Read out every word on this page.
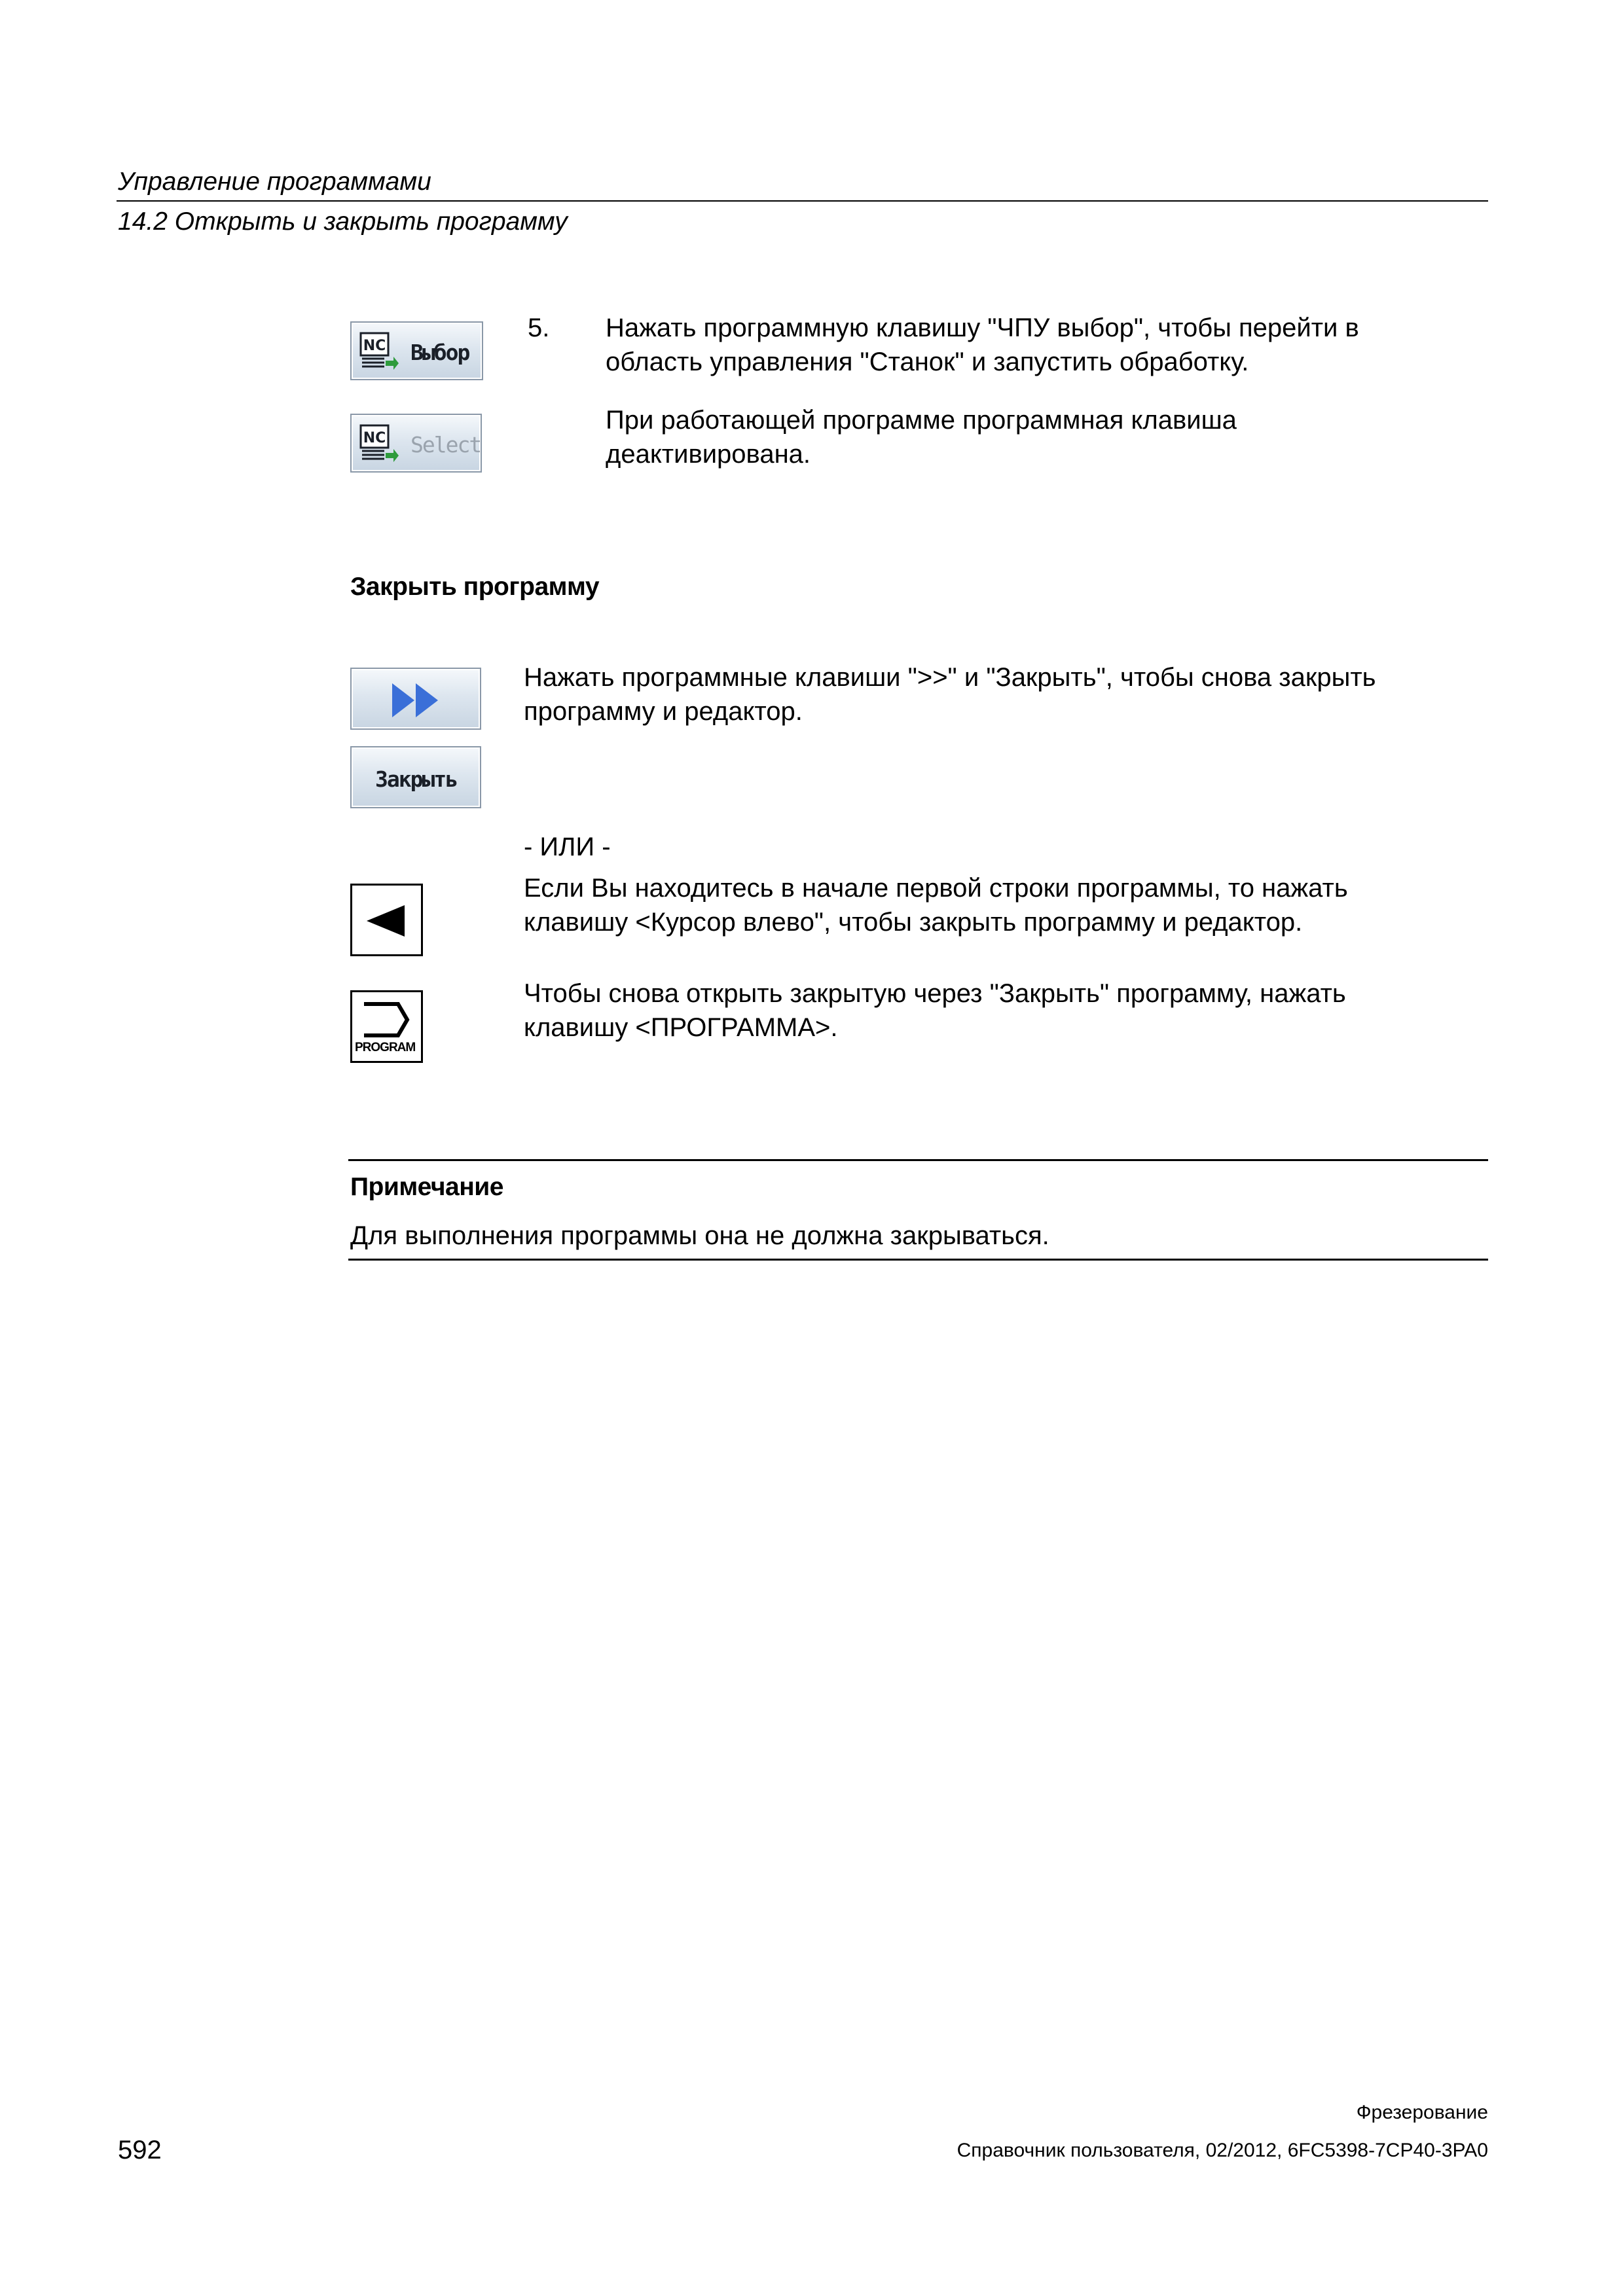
Управление программами
14.2 Открыть и закрыть программу
NC Выбор
NC Select
5. Нажать программную клавишу "ЧПУ выбор", чтобы перейти в
область управления "Станок" и запустить обработку.
При работающей программе программная клавиша
деактивирована.
Закрыть программу
Закрыть
Нажать программные клавиши ">>" и "Закрыть", чтобы снова закрыть
программу и редактор.
- ИЛИ -
Если Вы находитесь в начале первой строки программы, то нажать
клавишу <Курсор влево", чтобы закрыть программу и редактор.
PROGRAM
Чтобы снова открыть закрытую через "Закрыть" программу, нажать
клавишу <ПРОГРАММА>.
Примечание
Для выполнения программы она не должна закрываться.
592
Фрезерование
Справочник пользователя, 02/2012, 6FC5398-7CP40-3PA0
